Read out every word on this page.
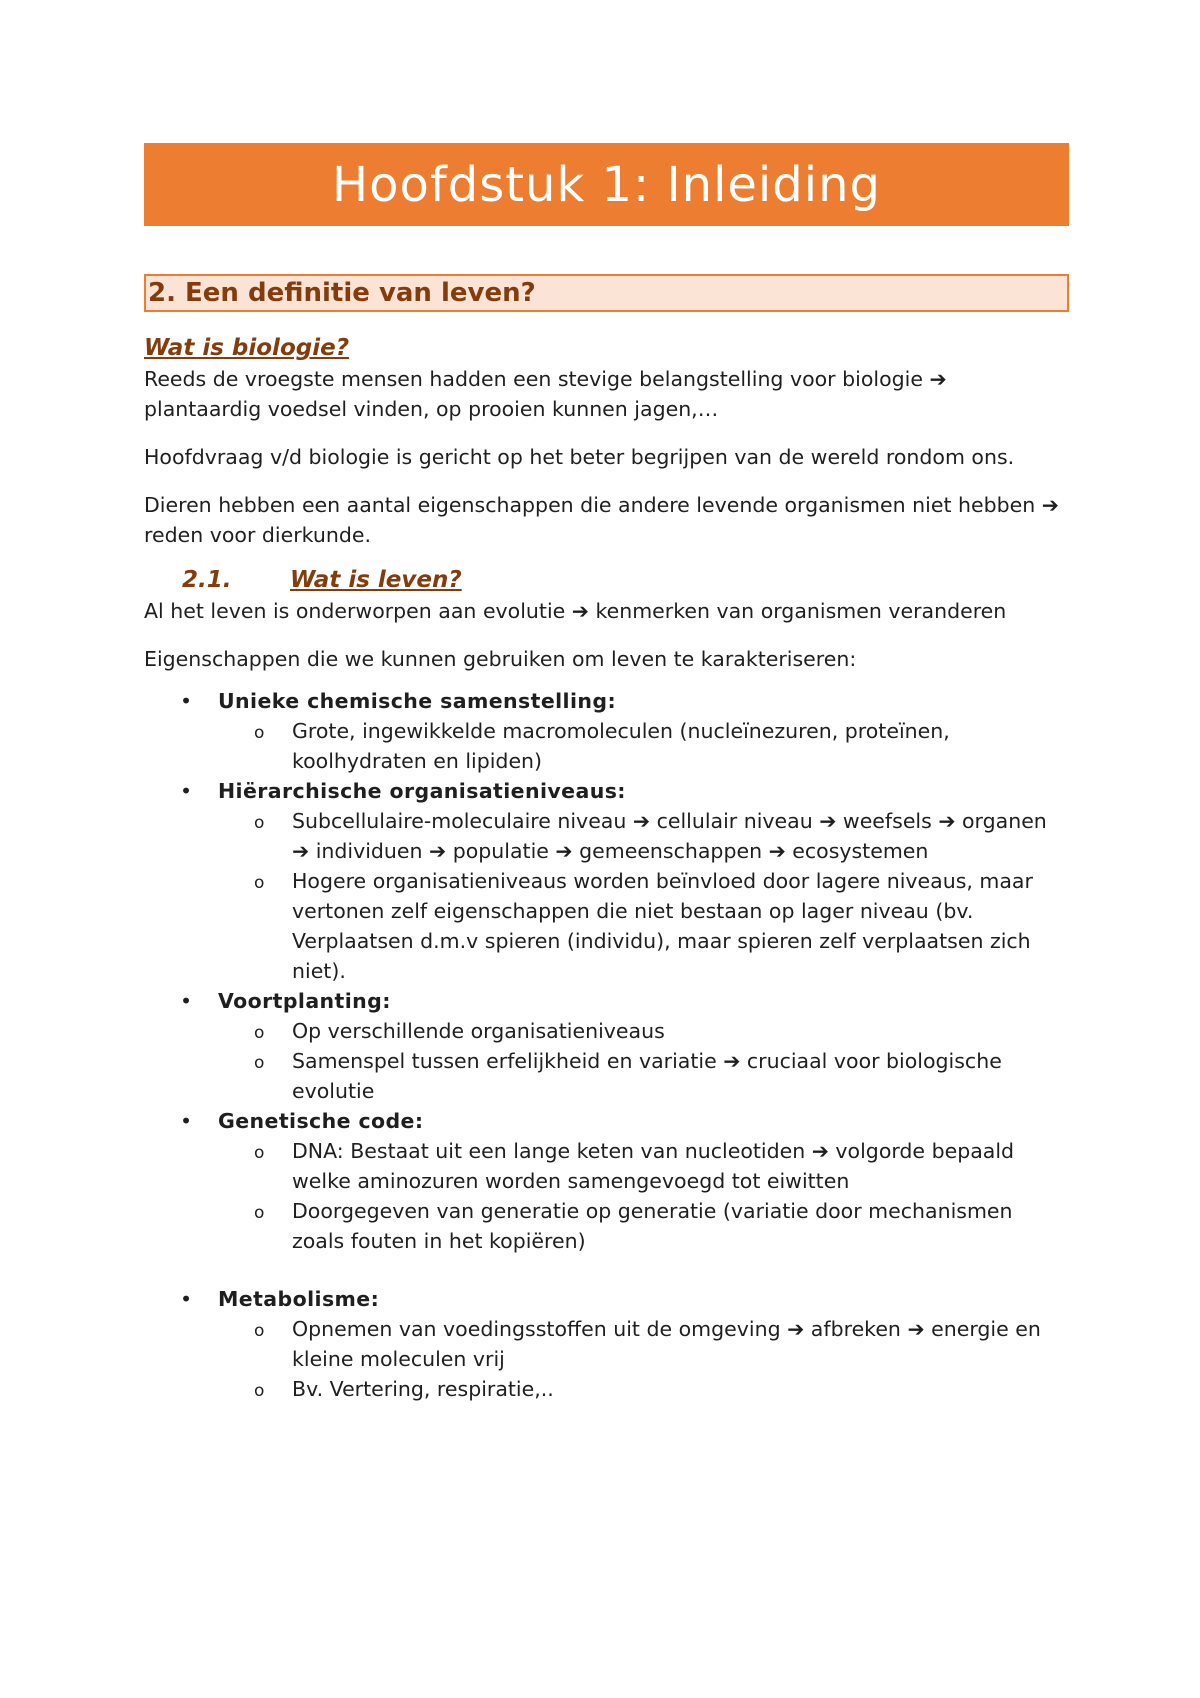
Hoofdstuk 1: Inleiding
2. Een definitie van leven?
Wat is biologie?

Reeds de vroegste mensen hadden een stevige belangstelling voor biologie ➔ plantaardig voedsel vinden, op prooien kunnen jagen,…

Hoofdvraag v/d biologie is gericht op het beter begrijpen van de wereld rondom ons.

Dieren hebben een aantal eigenschappen die andere levende organismen niet hebben ➔ reden voor dierkunde.

2.1.	Wat is leven?

Al het leven is onderworpen aan evolutie ➔ kenmerken van organismen veranderen

Eigenschappen die we kunnen gebruiken om leven te karakteriseren:

•	Unieke chemische samenstelling:
o Grote, ingewikkelde macromoleculen (nucleïnezuren, proteïnen, koolhydraten en lipiden)
•	Hiërarchische organisatieniveaus:
o Subcellulaire-moleculaire niveau ➔ cellulair niveau ➔ weefsels ➔ organen ➔ individuen ➔ populatie ➔ gemeenschappen ➔ ecosystemen
o Hogere organisatieniveaus worden beïnvloed door lagere niveaus, maar vertonen zelf eigenschappen die niet bestaan op lager niveau (bv. Verplaatsen d.m.v spieren (individu), maar spieren zelf verplaatsen zich niet).
•	Voortplanting:
o Op verschillende organisatieniveaus
o Samenspel tussen erfelijkheid en variatie ➔ cruciaal voor biologische evolutie
•	Genetische code:
o DNA: Bestaat uit een lange keten van nucleotiden ➔ volgorde bepaald welke aminozuren worden samengevoegd tot eiwitten
o Doorgegeven van generatie op generatie (variatie door mechanismen zoals fouten in het kopiëren)
•	Metabolisme:
o Opnemen van voedingsstoffen uit de omgeving ➔ afbreken ➔ energie en kleine moleculen vrij
o Bv. Vertering, respiratie,..
